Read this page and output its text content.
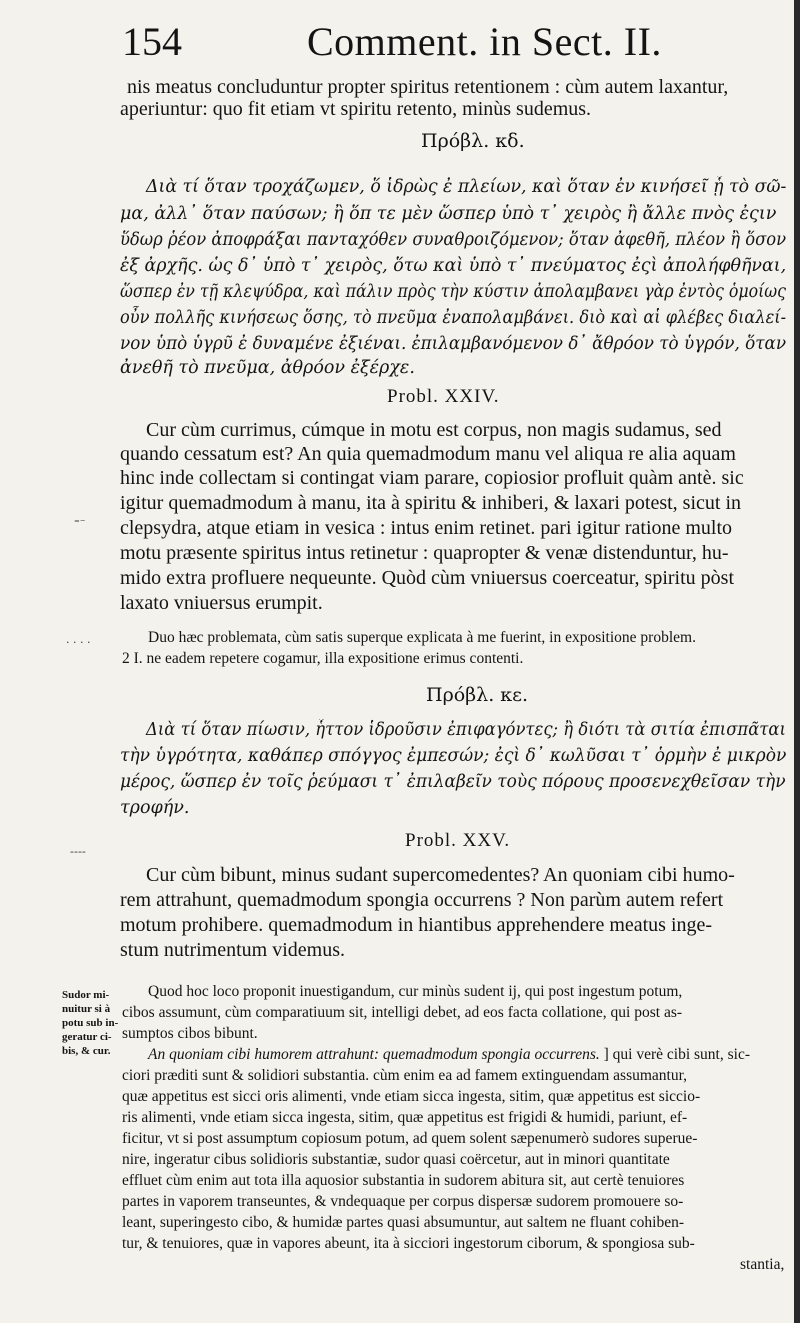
154	Comment. in Sect. II.
nis meatus concluduntur propter spiritus retentionem : cùm autem laxantur,
aperiuntur: quo fit etiam vt spiritu retento, minùs sudemus.
Πρόβλ. κδ.
Διὰ τί ὅταν τροχάζωμεν, ὅ ἱδρὼς ἐ πλείων, καὶ ὅταν ἐν κινήσεῖ ᾗ τὸ σῶ-
μα, ἀλλ᾽ ὅταν παύσων; ἢ ὅπ τε μὲν ὥσπερ ὑπὸ τ᾽ χειρὸς ἢ ἄλλε πνὸς ἐςιν
ὕδωρ ῥέον ἀποφράξαι πανταχόθεν συναθροιζόμενον; ὅταν ἀφεθῆ, πλέον ἢ ὅσον
ἐξ ἀρχῆς. ὡς δ᾽ ὑπὸ τ᾽ χειρὸς, ὅτω καὶ ὑπὸ τ᾽ πνεύματος ἐςὶ ἀπολήφθῆναι,
ὥσπερ ἐν τῇ κλεψύδρα, καὶ πάλιν πρὸς τὴν κύστιν ἀπολαμβανει γὰρ ἐντὸς ὁμοίως
οὖν πολλῆς κινήσεως ὅσης, τὸ πνεῦμα ἐναπολαμβάνει. διὸ καὶ αἱ φλέβες διαλεί-
νον ὑπὸ ὑγρῦ ἐ δυναμένε ἐξιέναι. ἐπιλαμβανόμενον δ᾽ ἄθρόον τὸ ὑγρόν, ὅταν
ἀνεθῆ τὸ πνεῦμα, ἀθρόον ἐξέρχε.
Probl. XXIV.
Cur cùm currimus, cúmque in motu est corpus, non magis sudamus, sed
quando cessatum est? An quia quemadmodum manu vel aliqua re alia aquam
hinc inde collectam si contingat viam parare, copiosior profluit quàm antè. sic
igitur quemadmodum à manu, ita à spiritu & inhiberi, & laxari potest, sicut in
clepsydra, atque etiam in vesica : intus enim retinet. pari igitur ratione multo
motu præsente spiritus intus retinetur : quapropter & venæ distenduntur, hu-
mido extra profluere nequeunte. Quòd cùm vniuersus coerceatur, spiritu pòst
laxato vniuersus erumpit.
Duo hæc problemata, cùm satis superque explicata à me fuerint, in expositione problem.
2 I. ne eadem repetere cogamur, illa expositione erimus contenti.
Πρόβλ. κε.
Διὰ τί ὅταν πίωσιν, ἧττον ἱδροῦσιν ἐπιφαγόντες; ἢ διότι τὰ σιτία ἐπισπᾶται
τὴν ὑγρότητα, καθάπερ σπόγγος ἐμπεσών; ἐςὶ δ᾽ κωλῦσαι τ᾽ ὁρμὴν ἐ μικρὸν
μέρος, ὥσπερ ἐν τοῖς ῥεύμασι τ᾽ ἐπιλαβεῖν τοὺς πόρους προσενεχθεῖσαν τὴν
τροφήν.
Probl. XXV.
Cur cùm bibunt, minus sudant supercomedentes? An quoniam cibi humo-
rem attrahunt, quemadmodum spongia occurrens ? Non parùm autem refert
motum prohibere. quemadmodum in hiantibus apprehendere meatus inge-
stum nutrimentum videmus.
Sudor mi-
nuitur si à
potu sub in-
geratur ci-
bis, & cur.
Quod hoc loco proponit inuestigandum, cur minùs sudent ij, qui post ingestum potum,
cibos assumunt, cùm comparatiuum sit, intelligi debet, ad eos facta collatione, qui post as-
sumptos cibos bibunt.
An quoniam cibi humorem attrahunt: quemadmodum spongia occurrens. ] qui verè cibi sunt, sic-
ciori præditi sunt & solidiori substantia. cùm enim ea ad famem extinguendam assumantur,
quæ appetitus est sicci oris alimenti, vnde etiam sicca ingesta, sitim, quæ appetitus est siccio-
ris alimenti, vnde etiam sicca ingesta, sitim, quæ appetitus est frigidi & humidi, pariunt, ef-
ficitur, vt si post assumptum copiosum potum, ad quem solent sæpenumerò sudores superue-
nire, ingeratur cibus solidioris substantiæ, sudor quasi coërcetur, aut in minori quantitate
effluet cùm enim aut tota illa aquosior substantia in sudorem abitura sit, aut certè tenuiores
partes in vaporem transeuntes, & vndequaque per corpus dispersæ sudorem promouere so-
leant, superingesto cibo, & humidæ partes quasi absumuntur, aut saltem ne fluant cohiben-
tur, & tenuiores, quæ in vapores abeunt, ita à sicciori ingestorum ciborum, & spongiosa sub-
stantia,
⁼⁻
· · · ·
‑‑‑‑
